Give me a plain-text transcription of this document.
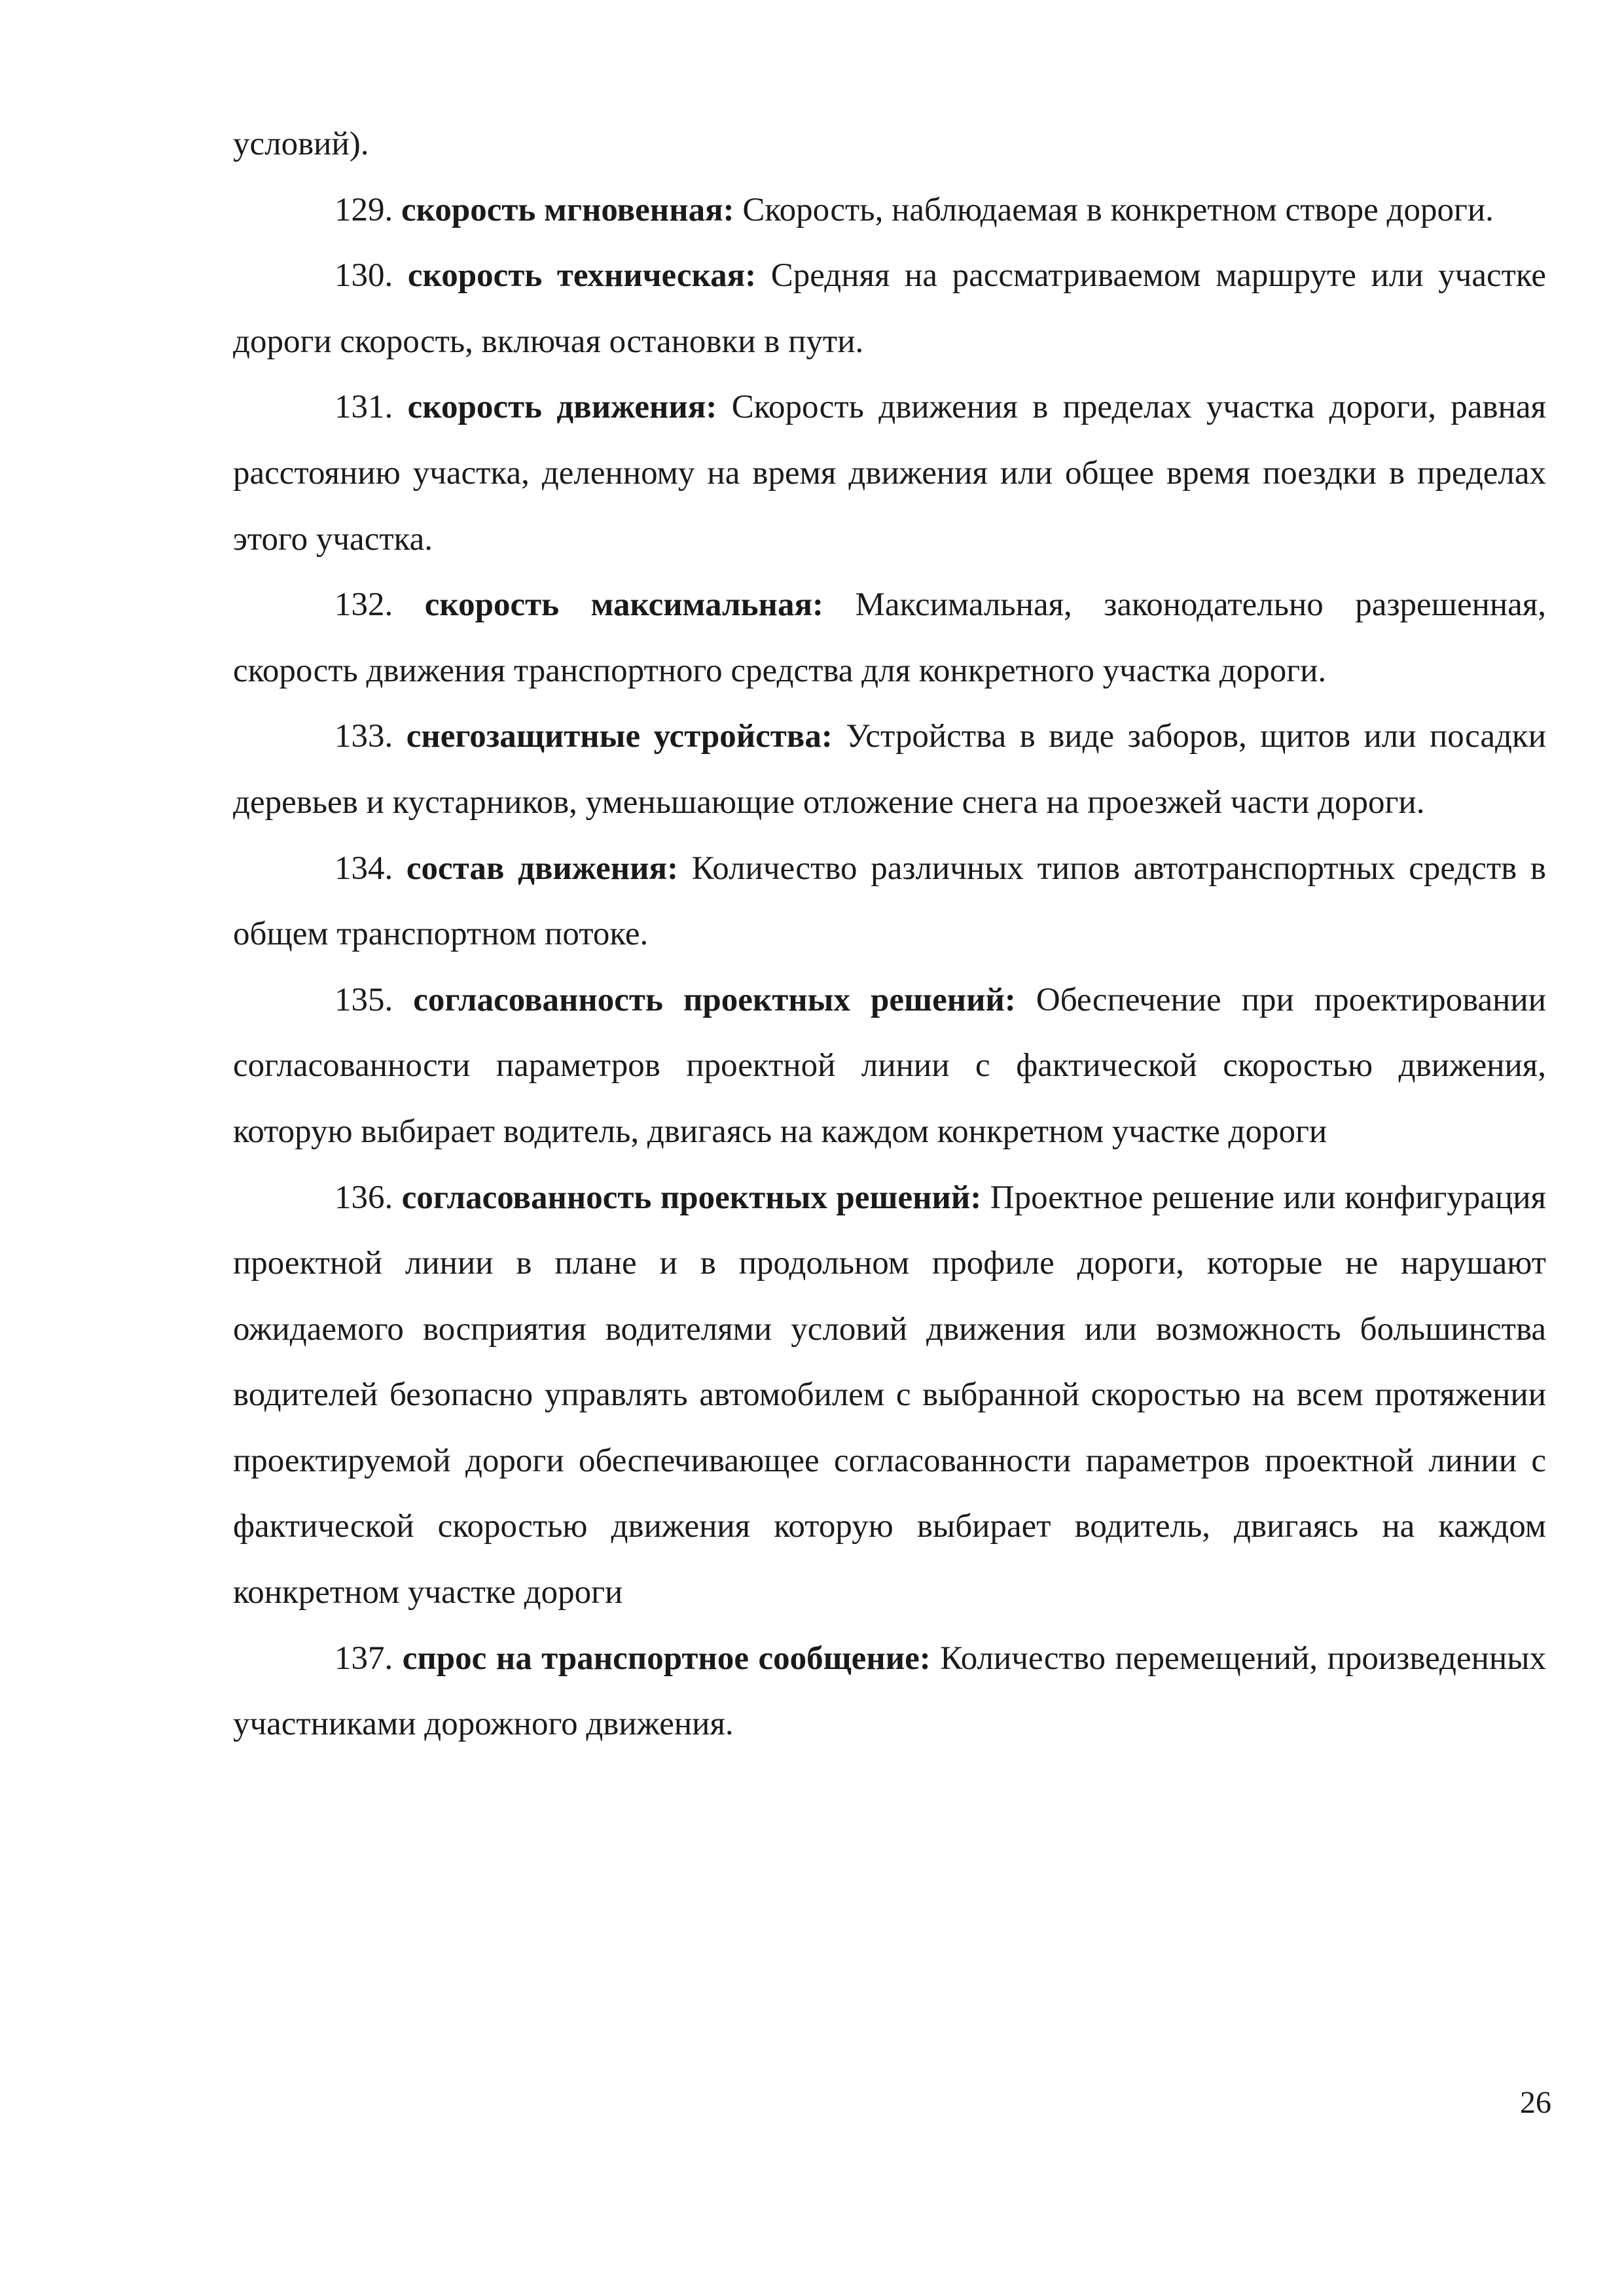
условий).
129. скорость мгновенная: Скорость, наблюдаемая в конкретном створе дороги.
130. скорость техническая: Средняя на рассматриваемом маршруте или участке дороги скорость, включая остановки в пути.
131. скорость движения: Скорость движения в пределах участка дороги, равная расстоянию участка, деленному на время движения или общее время поездки в пределах этого участка.
132. скорость максимальная: Максимальная, законодательно разрешенная, скорость движения транспортного средства для конкретного участка дороги.
133. снегозащитные устройства: Устройства в виде заборов, щитов или посадки деревьев и кустарников, уменьшающие отложение снега на проезжей части дороги.
134. состав движения: Количество различных типов автотранспортных средств в общем транспортном потоке.
135. согласованность проектных решений: Обеспечение при проектировании согласованности параметров проектной линии с фактической скоростью движения, которую выбирает водитель, двигаясь на каждом конкретном участке дороги
136. согласованность проектных решений: Проектное решение или конфигурация проектной линии в плане и в продольном профиле дороги, которые не нарушают ожидаемого восприятия водителями условий движения или возможность большинства водителей безопасно управлять автомобилем с выбранной скоростью на всем протяжении проектируемой дороги обеспечивающее согласованности параметров проектной линии с фактической скоростью движения которую выбирает водитель, двигаясь на каждом конкретном участке дороги
137. спрос на транспортное сообщение: Количество перемещений, произведенных участниками дорожного движения.
26
